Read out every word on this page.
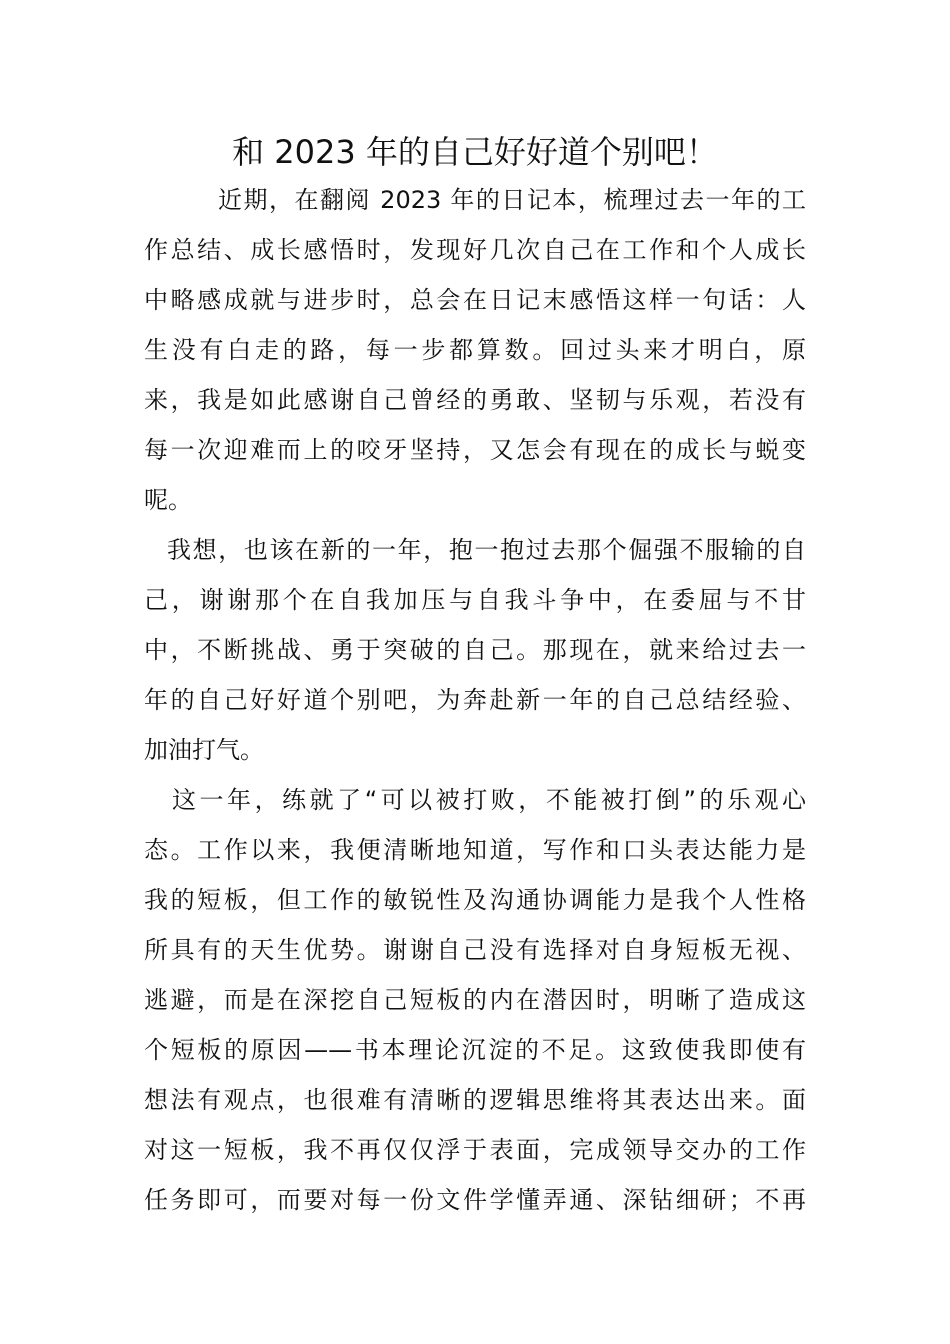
和 2023 年的自己好好道个别吧！
近期，在翻阅 2023 年的日记本，梳理过去一年的工
作总结、成长感悟时，发现好几次自己在工作和个人成长
中略感成就与进步时，总会在日记末感悟这样一句话：人
生没有白走的路，每一步都算数。回过头来才明白，原
来，我是如此感谢自己曾经的勇敢、坚韧与乐观，若没有
每一次迎难而上的咬牙坚持，又怎会有现在的成长与蜕变
呢。
我想，也该在新的一年，抱一抱过去那个倔强不服输的自
己，谢谢那个在自我加压与自我斗争中，在委屈与不甘
中，不断挑战、勇于突破的自己。那现在，就来给过去一
年的自己好好道个别吧，为奔赴新一年的自己总结经验、
加油打气。
这一年，练就了“可以被打败，不能被打倒”的乐观心
态。工作以来，我便清晰地知道，写作和口头表达能力是
我的短板，但工作的敏锐性及沟通协调能力是我个人性格
所具有的天生优势。谢谢自己没有选择对自身短板无视、
逃避，而是在深挖自己短板的内在潜因时，明晰了造成这
个短板的原因——书本理论沉淀的不足。这致使我即使有
想法有观点，也很难有清晰的逻辑思维将其表达出来。面
对这一短板，我不再仅仅浮于表面，完成领导交办的工作
任务即可，而要对每一份文件学懂弄通、深钻细研；不再
